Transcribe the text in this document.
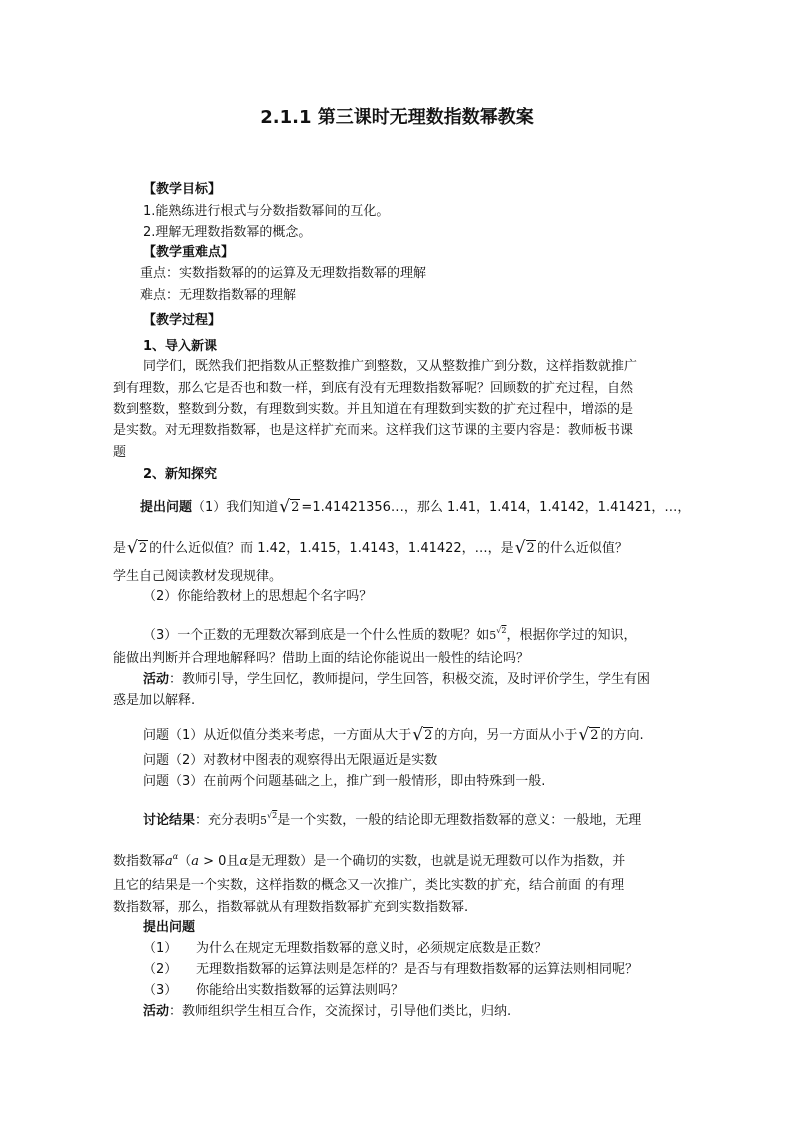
2.1.1 第三课时无理数指数幂教案
【教学目标】
1.能熟练进行根式与分数指数幂间的互化。
2.理解无理数指数幂的概念。
【教学重难点】
重点：实数指数幂的的运算及无理数指数幂的理解
难点：无理数指数幂的理解
【教学过程】
1、导入新课
同学们，既然我们把指数从正整数推广到整数，又从整数推广到分数，这样指数就推广
到有理数，那么它是否也和数一样，到底有没有无理数指数幂呢？回顾数的扩充过程，自然
数到整数，整数到分数，有理数到实数。并且知道在有理数到实数的扩充过程中，增添的是
是实数。对无理数指数幂，也是这样扩充而来。这样我们这节课的主要内容是：教师板书课
题
2、新知探究
提出问题（1）我们知道√2 =1.41421356…，那么 1.41，1.414，1.4142，1.41421，…，
是√2 的什么近似值？而 1.42，1.415，1.4143，1.41422，…，是√2 的什么近似值？
学生自己阅读教材发现规律。
（2）你能给教材上的思想起个名字吗？
（3）一个正数的无理数次幂到底是一个什么性质的数呢？如$5^{√2}$，根据你学过的知识，
能做出判断并合理地解释吗？借助上面的结论你能说出一般性的结论吗？
活动：教师引导，学生回忆，教师提问，学生回答，积极交流，及时评价学生，学生有困
惑是加以解释.
问题（1）从近似值分类来考虑，一方面从大于√2 的方向，另一方面从小于√2 的方向.
问题（2）对教材中图表的观察得出无限逼近是实数
问题（3）在前两个问题基础之上，推广到一般情形，即由特殊到一般.
讨论结果：充分表明$5^{√2}$是一个实数，一般的结论即无理数指数幂的意义：一般地，无理
数指数幂$a^\alpha(a > 0$且α是无理数）是一个确切的实数，也就是说无理数可以作为指数，并
且它的结果是一个实数，这样指数的概念又一次推广，类比实数的扩充，结合前面 的有理
数指数幂，那么，指数幂就从有理数指数幂扩充到实数指数幂.
提出问题
（1） 为什么在规定无理数指数幂的意义时，必须规定底数是正数？
（2） 无理数指数幂的运算法则是怎样的？是否与有理数指数幂的运算法则相同呢？
（3） 你能给出实数指数幂的运算法则吗？
活动：教师组织学生相互合作，交流探讨，引导他们类比，归纳.
